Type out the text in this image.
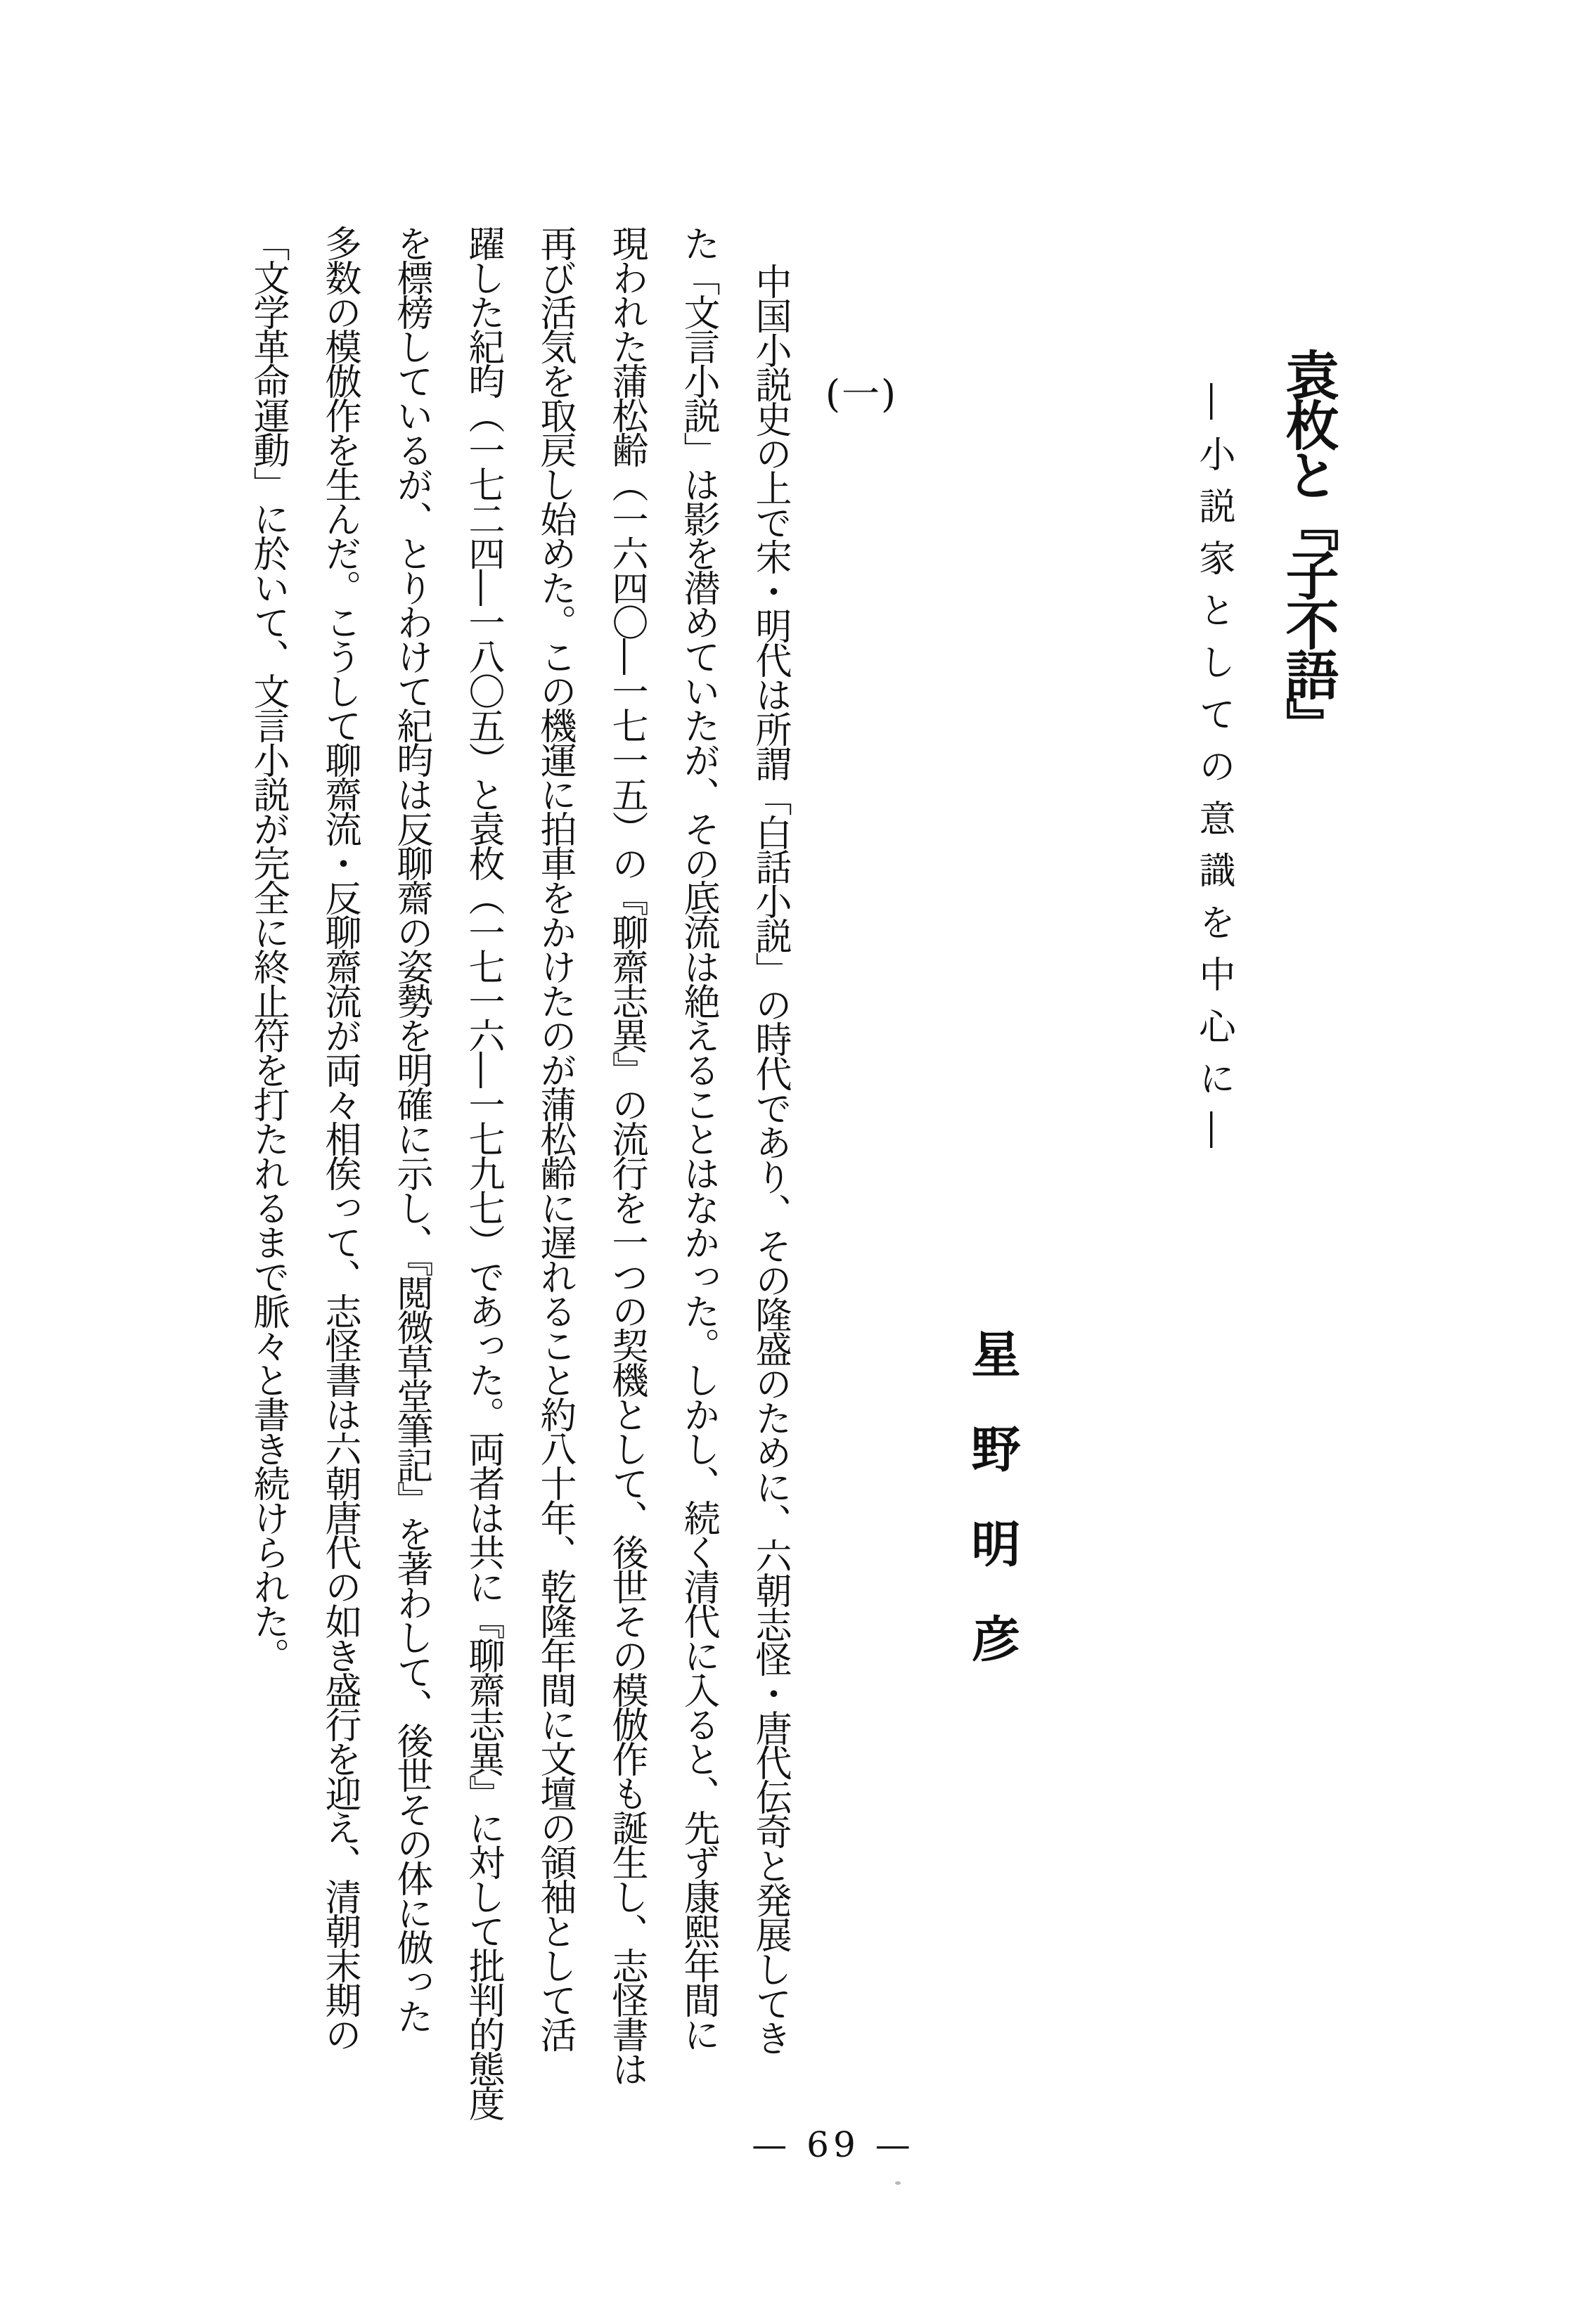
袁枚と『子不語』
―小説家としての意識を中心に―
星野明彦
(一)
中国小説史の上で宋・明代は所謂「白話小説」の時代であり、その隆盛のために、六朝志怪・唐代伝奇と発展してき
た「文言小説」は影を潜めていたが、その底流は絶えることはなかった。しかし、続く清代に入ると、先ず康熙年間に
現われた蒲松齢（一六四〇―一七一五）の『聊齋志異』の流行を一つの契機として、後世その模倣作も誕生し、志怪書は
再び活気を取戻し始めた。この機運に拍車をかけたのが蒲松齢に遅れること約八十年、乾隆年間に文壇の領袖として活
躍した紀昀（一七二四―一八〇五）と袁枚（一七一六―一七九七）であった。両者は共に『聊齋志異』に対して批判的態度
を標榜しているが、とりわけて紀昀は反聊齋の姿勢を明確に示し、『閲微草堂筆記』を著わして、後世その体に倣った
多数の模倣作を生んだ。こうして聊齋流・反聊齋流が両々相俟って、志怪書は六朝唐代の如き盛行を迎え、清朝末期の
「文学革命運動」に於いて、文言小説が完全に終止符を打たれるまで脈々と書き続けられた。
— 69 —
